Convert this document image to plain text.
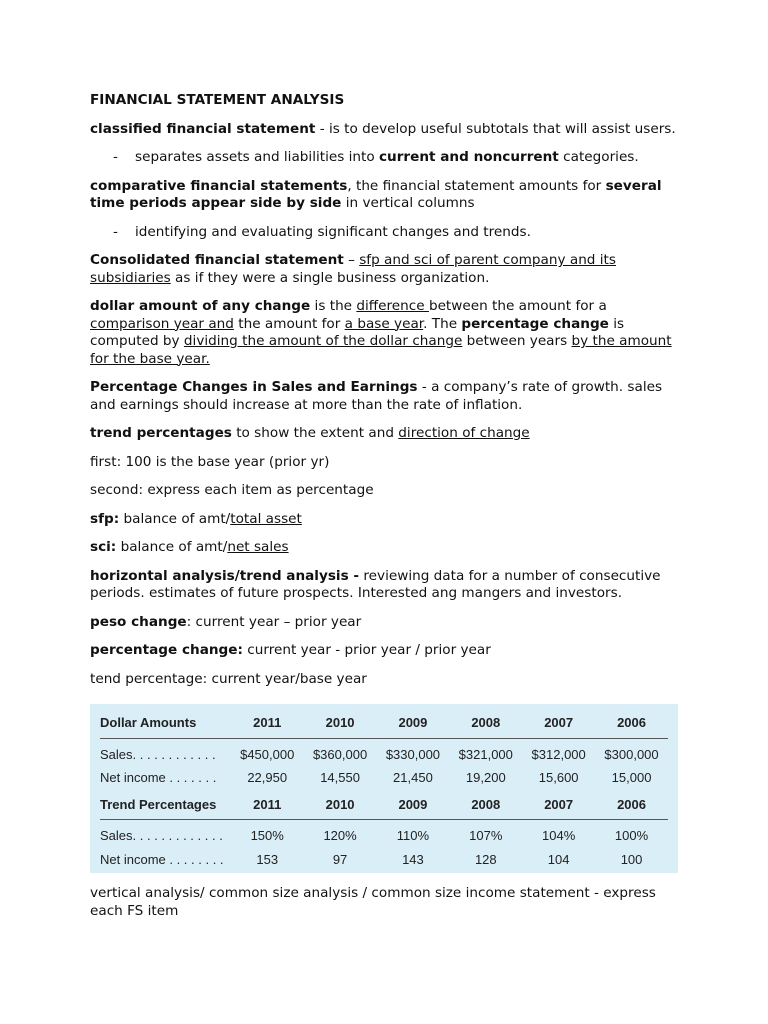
FINANCIAL STATEMENT ANALYSIS

classified financial statement - is to develop useful subtotals that will assist users.

- separates assets and liabilities into current and noncurrent categories.

comparative financial statements, the financial statement amounts for several time periods appear side by side in vertical columns

- identifying and evaluating significant changes and trends.

Consolidated financial statement – sfp and sci of parent company and its subsidiaries as if they were a single business organization.

dollar amount of any change is the difference between the amount for a comparison year and the amount for a base year. The percentage change is computed by dividing the amount of the dollar change between years by the amount for the base year.

Percentage Changes in Sales and Earnings - a company’s rate of growth. sales and earnings should increase at more than the rate of inflation.

trend percentages to show the extent and direction of change

first: 100 is the base year (prior yr)

second: express each item as percentage

sfp: balance of amt/total asset

sci: balance of amt/net sales

horizontal analysis/trend analysis - reviewing data for a number of consecutive periods. estimates of future prospects. Interested ang mangers and investors.

peso change: current year – prior year

percentage change: current year - prior year / prior year

tend percentage: current year/base year

Dollar Amounts	2011	2010	2009	2008	2007	2006
Sales. . . . . . . . . . . .	$450,000	$360,000	$330,000	$321,000	$312,000	$300,000
Net income . . . . . . .	22,950	14,550	21,450	19,200	15,600	15,000
Trend Percentages	2011	2010	2009	2008	2007	2006
Sales. . . . . . . . . . . . .	150%	120%	110%	107%	104%	100%
Net income . . . . . . . .	153	97	143	128	104	100

vertical analysis/ common size analysis / common size income statement - express each FS item
